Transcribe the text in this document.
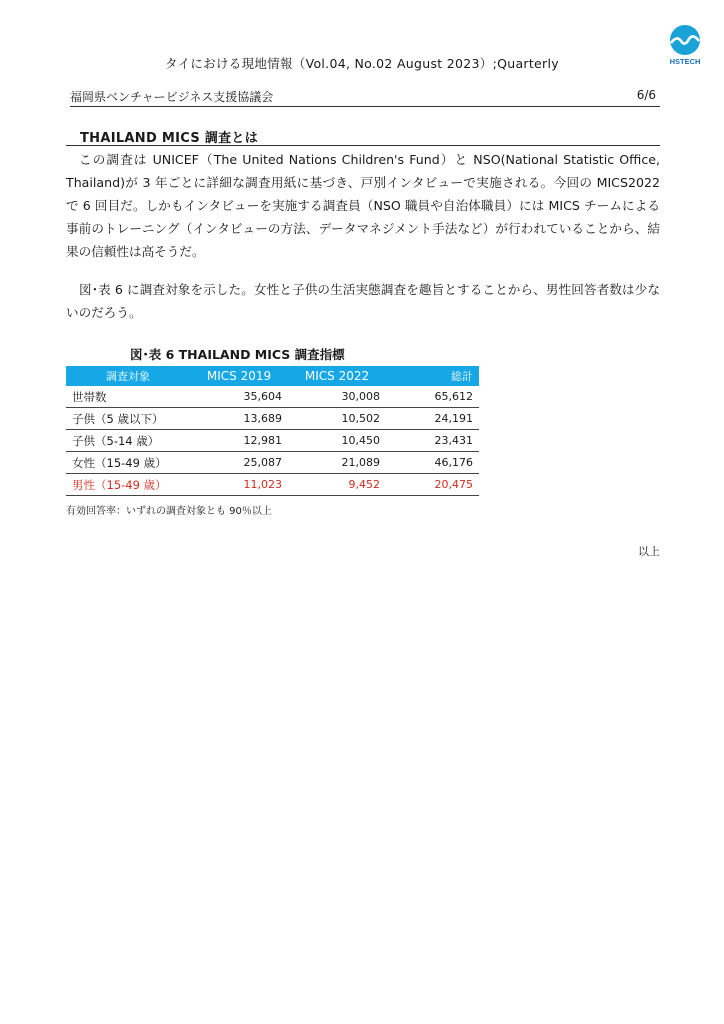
タイにおける現地情報（Vol.04, No.02 August 2023）;Quarterly	HSTECH
福岡県ベンチャービジネス支援協議会	6/6
THAILAND MICS 調査とは

この調査は UNICEF（The United Nations Children's Fund）と NSO(National Statistic Office, Thailand)が 3 年ごとに詳細な調査用紙に基づき、戸別インタビューで実施される。今回の MICS2022 で 6 回目だ。しかもインタビューを実施する調査員（NSO 職員や自治体職員）には MICS チームによる事前のトレーニング（インタビューの方法、データマネジメント手法など）が行われていることから、結果の信頼性は高そうだ。

図･表 6 に調査対象を示した。女性と子供の生活実態調査を趣旨とすることから、男性回答者数は少ないのだろう。

図･表 6 THAILAND MICS 調査指標
調査対象	MICS 2019	MICS 2022	総計
世帯数	35,604	30,008	65,612
子供（5 歳以下）	13,689	10,502	24,191
子供（5-14 歳）	12,981	10,450	23,431
女性（15-49 歳）	25,087	21,089	46,176
男性（15-49 歳）	11,023	9,452	20,475
有効回答率：いずれの調査対象とも 90％以上
以上
